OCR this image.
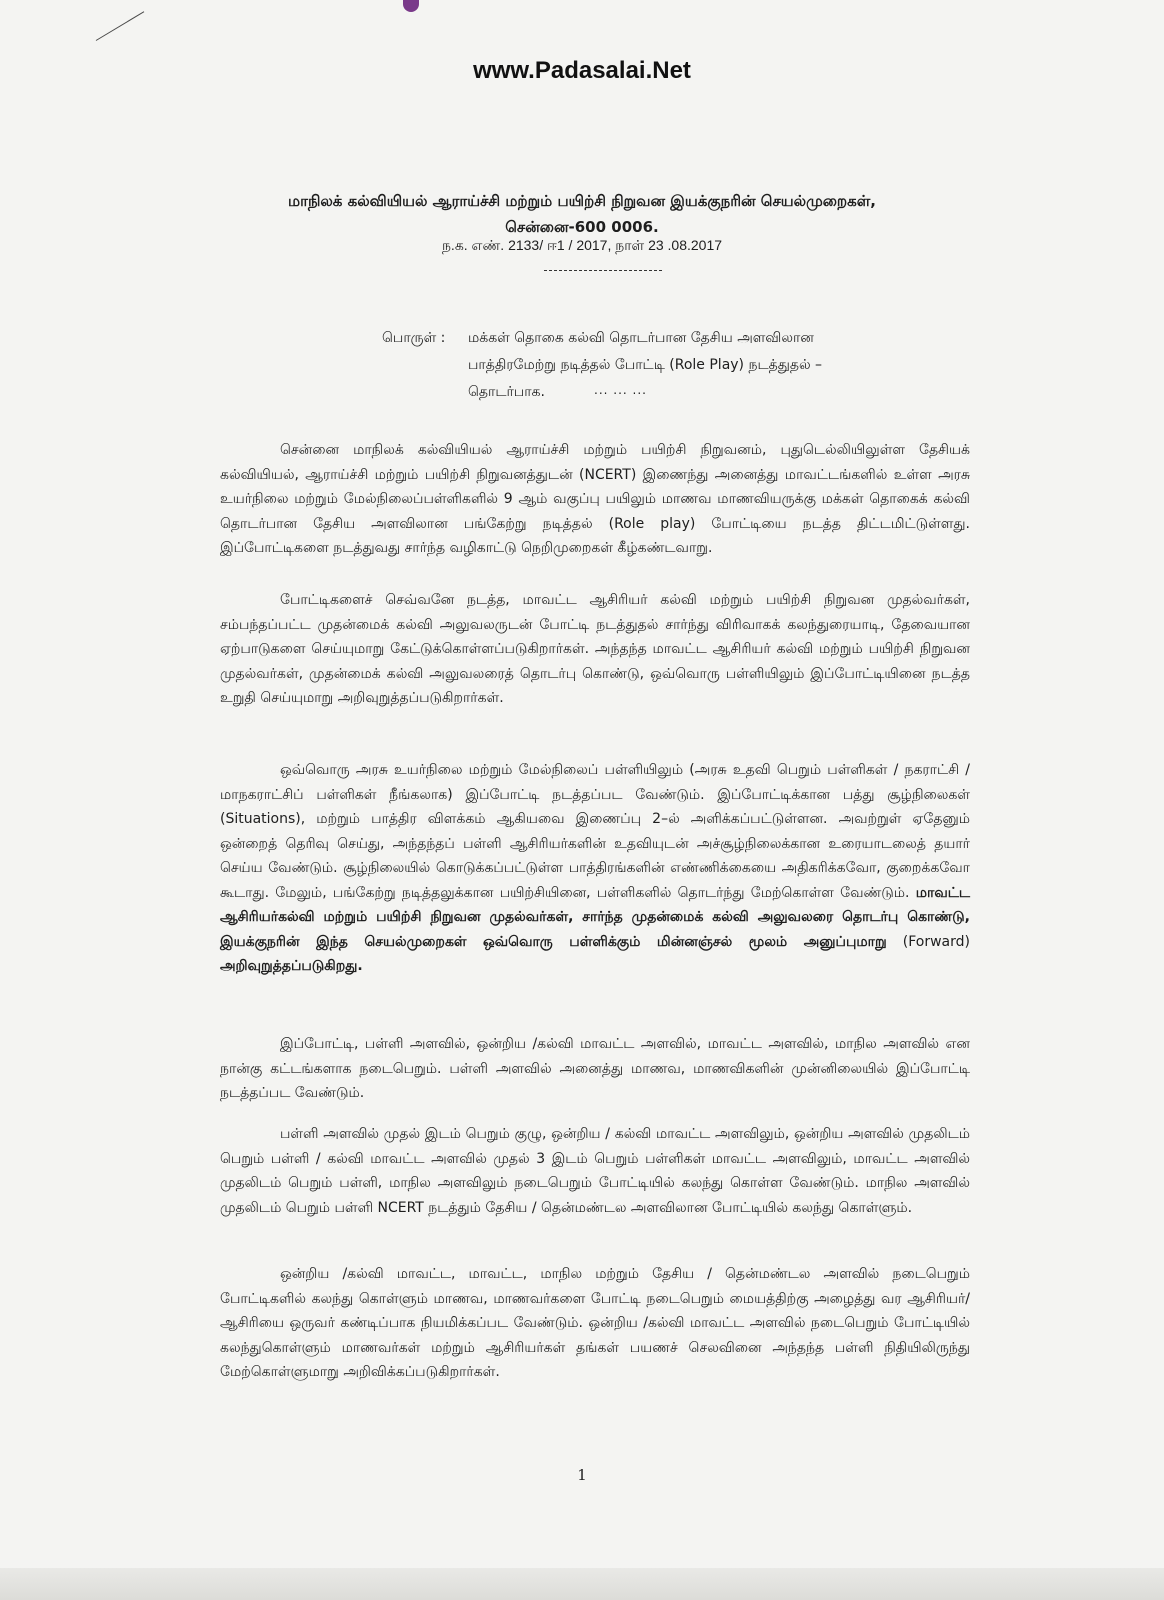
www.Padasalai.Net
மாநிலக் கல்வியியல் ஆராய்ச்சி மற்றும் பயிற்சி நிறுவன இயக்குநரின் செயல்முறைகள்,
சென்னை-600 0006.
ந.க. எண். 2133/ ஈ1 / 2017, நாள் 23 .08.2017
பொருள் : மக்கள் தொகை கல்வி தொடர்பான தேசிய அளவிலான பாத்திரமேற்று நடித்தல் போட்டி (Role Play) நடத்துதல் – தொடர்பாக.	... ... ...
சென்னை மாநிலக் கல்வியியல் ஆராய்ச்சி மற்றும் பயிற்சி நிறுவனம், புதுடெல்லியிலுள்ள தேசியக் கல்வியியல், ஆராய்ச்சி மற்றும் பயிற்சி நிறுவனத்துடன் (NCERT) இணைந்து அனைத்து மாவட்டங்களில் உள்ள அரசு உயர்நிலை மற்றும் மேல்நிலைப்பள்ளிகளில் 9 ஆம் வகுப்பு பயிலும் மாணவ மாணவியருக்கு மக்கள் தொகைக் கல்வி தொடர்பான தேசிய அளவிலான பங்கேற்று நடித்தல் (Role play) போட்டியை நடத்த திட்டமிட்டுள்ளது. இப்போட்டிகளை நடத்துவது சார்ந்த வழிகாட்டு நெறிமுறைகள் கீழ்கண்டவாறு.
போட்டிகளைச் செவ்வனே நடத்த, மாவட்ட ஆசிரியர் கல்வி மற்றும் பயிற்சி நிறுவன முதல்வர்கள், சம்பந்தப்பட்ட முதன்மைக் கல்வி அலுவலருடன் போட்டி நடத்துதல் சார்ந்து விரிவாகக் கலந்துரையாடி, தேவையான ஏற்பாடுகளை செய்யுமாறு கேட்டுக்கொள்ளப்படுகிறார்கள். அந்தந்த மாவட்ட ஆசிரியர் கல்வி மற்றும் பயிற்சி நிறுவன முதல்வர்கள், முதன்மைக் கல்வி அலுவலரைத் தொடர்பு கொண்டு, ஒவ்வொரு பள்ளியிலும் இப்போட்டியினை நடத்த உறுதி செய்யுமாறு அறிவுறுத்தப்படுகிறார்கள்.
ஒவ்வொரு அரசு உயர்நிலை மற்றும் மேல்நிலைப் பள்ளியிலும் (அரசு உதவி பெறும் பள்ளிகள் / நகராட்சி / மாநகராட்சிப் பள்ளிகள் நீங்கலாக) இப்போட்டி நடத்தப்பட வேண்டும். இப்போட்டிக்கான பத்து சூழ்நிலைகள் (Situations), மற்றும் பாத்திர விளக்கம் ஆகியவை இணைப்பு 2–ல் அளிக்கப்பட்டுள்ளன. அவற்றுள் ஏதேனும் ஒன்றைத் தெரிவு செய்து, அந்தந்தப் பள்ளி ஆசிரியர்களின் உதவியுடன் அச்சூழ்நிலைக்கான உரையாடலைத் தயார் செய்ய வேண்டும். சூழ்நிலையில் கொடுக்கப்பட்டுள்ள பாத்திரங்களின் எண்ணிக்கையை அதிகரிக்கவோ, குறைக்கவோ கூடாது. மேலும், பங்கேற்று நடித்தலுக்கான பயிற்சியினை, பள்ளிகளில் தொடர்ந்து மேற்கொள்ள வேண்டும். மாவட்ட ஆசிரியர்கல்வி மற்றும் பயிற்சி நிறுவன முதல்வர்கள், சார்ந்த முதன்மைக் கல்வி அலுவலரை தொடர்பு கொண்டு, இயக்குநரின் இந்த செயல்முறைகள் ஒவ்வொரு பள்ளிக்கும் மின்னஞ்சல் மூலம் அனுப்புமாறு (Forward) அறிவுறுத்தப்படுகிறது.
இப்போட்டி, பள்ளி அளவில், ஒன்றிய /கல்வி மாவட்ட அளவில், மாவட்ட அளவில், மாநில அளவில் என நான்கு கட்டங்களாக நடைபெறும். பள்ளி அளவில் அனைத்து மாணவ, மாணவிகளின் முன்னிலையில் இப்போட்டி நடத்தப்பட வேண்டும்.
பள்ளி அளவில் முதல் இடம் பெறும் குழு, ஒன்றிய / கல்வி மாவட்ட அளவிலும், ஒன்றிய அளவில் முதலிடம் பெறும் பள்ளி / கல்வி மாவட்ட அளவில் முதல் 3 இடம் பெறும் பள்ளிகள் மாவட்ட அளவிலும், மாவட்ட அளவில் முதலிடம் பெறும் பள்ளி, மாநில அளவிலும் நடைபெறும் போட்டியில் கலந்து கொள்ள வேண்டும். மாநில அளவில் முதலிடம் பெறும் பள்ளி NCERT நடத்தும் தேசிய / தென்மண்டல அளவிலான போட்டியில் கலந்து கொள்ளும்.
ஒன்றிய /கல்வி மாவட்ட, மாவட்ட, மாநில மற்றும் தேசிய / தென்மண்டல அளவில் நடைபெறும் போட்டிகளில் கலந்து கொள்ளும் மாணவ, மாணவர்களை போட்டி நடைபெறும் மையத்திற்கு அழைத்து வர ஆசிரியர்/ ஆசிரியை ஒருவர் கண்டிப்பாக நியமிக்கப்பட வேண்டும். ஒன்றிய /கல்வி மாவட்ட அளவில் நடைபெறும் போட்டியில் கலந்துகொள்ளும் மாணவர்கள் மற்றும் ஆசிரியர்கள் தங்கள் பயணச் செலவினை அந்தந்த பள்ளி நிதியிலிருந்து மேற்கொள்ளுமாறு அறிவிக்கப்படுகிறார்கள்.
1
